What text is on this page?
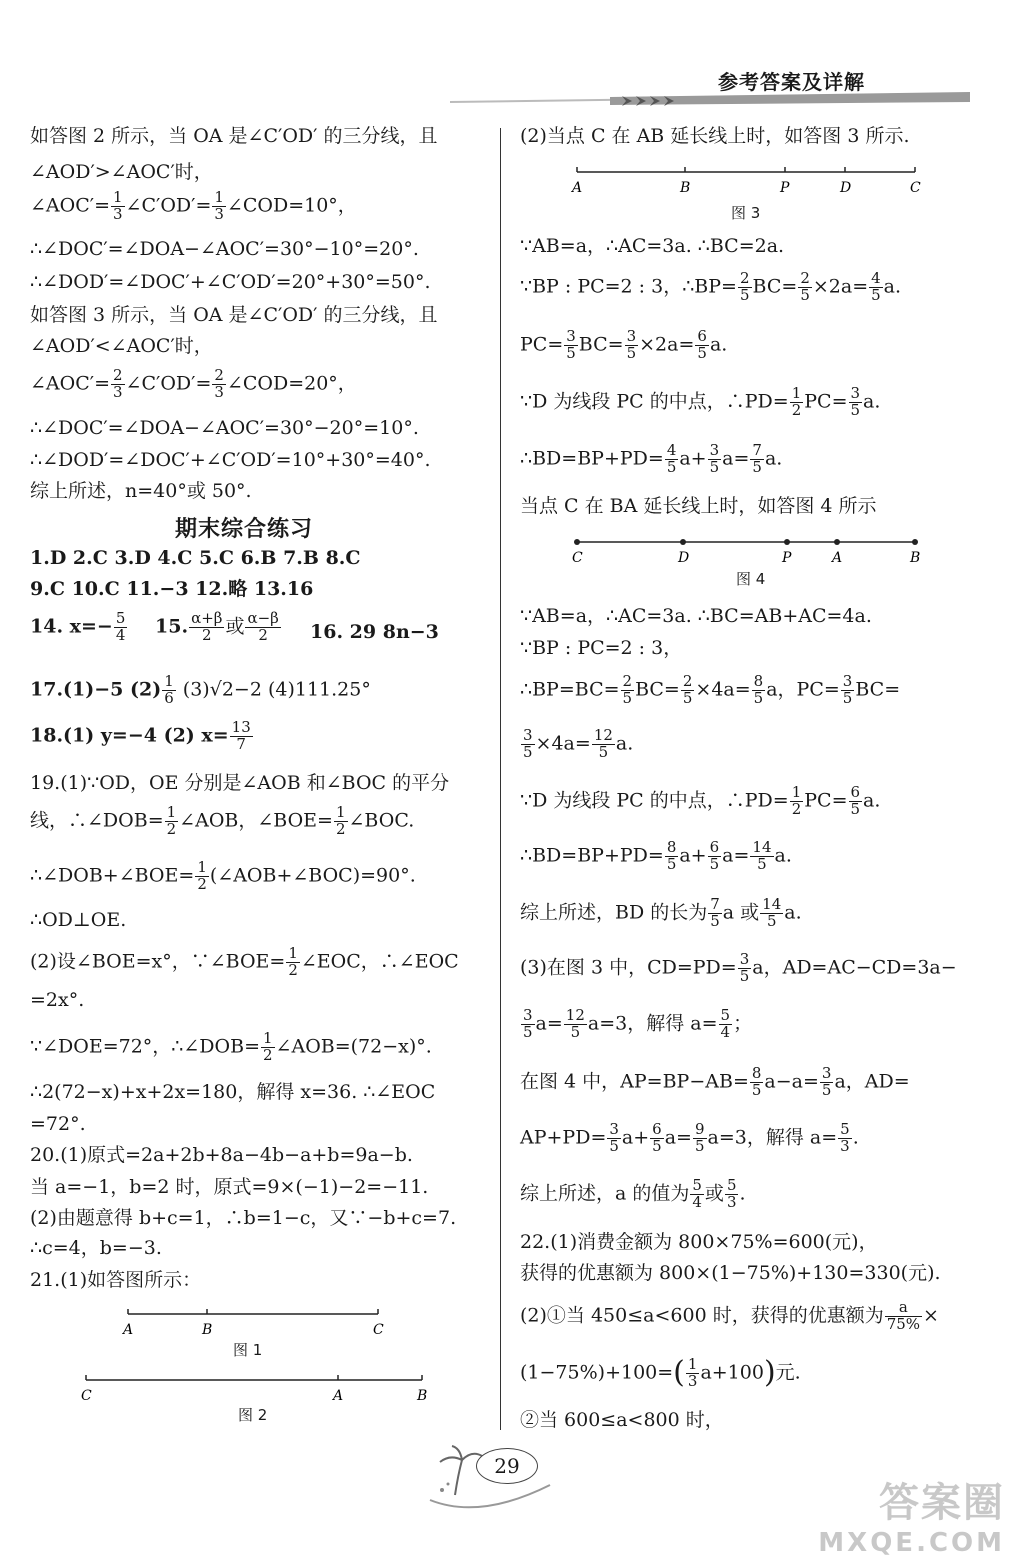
参考答案及详解
如答图 2 所示，当 OA 是∠C′OD′ 的三分线，且
∠AOD′>∠AOC′时，
∠AOC′= $\frac{1}{3}$ ∠C′OD′= $\frac{1}{3}$ ∠COD=10°，
∴∠DOC′=∠DOA−∠AOC′=30°−10°=20°.
∴∠DOD′=∠DOC′+∠C′OD′=20°+30°=50°.
如答图 3 所示，当 OA 是∠C′OD′ 的三分线，且
∠AOD′<∠AOC′时，
∠AOC′= $\frac{2}{3}$ ∠C′OD′= $\frac{2}{3}$ ∠COD=20°，
∴∠DOC′=∠DOA−∠AOC′=30°−20°=10°.
∴∠DOD′=∠DOC′+∠C′OD′=10°+30°=40°.
综上所述，n=40°或 50°.
期末综合练习
1.D 2.C 3.D 4.C 5.C 6.B 7.B 8.C
9.C 10.C 11.−3 12.略 13.16
14. $x=- \frac{5}{4} 15$. $\frac{\alpha+\beta}{2}$ 或 $\frac{\alpha-\beta}{2} 16$. 29 8n−3
17.(1)−5 $(2) \frac{1}{6} (3)√2-2$ (4)111.25°
18.(1) y=−4 (2) $x= \frac{13}{7}$
19.(1)∵OD，OE 分别是∠AOB 和∠BOC 的平分
线，∴∠DOB= $\frac{1}{2}$ ∠AOB，∠BOE= $\frac{1}{2}$ ∠BOC.
∴∠DOB+∠BOE= $\frac{1}{2}$ (∠AOB+∠BOC)=90°.
∴OD⊥OE.
(2)设∠BOE=x°，∵∠BOE= $\frac{1}{2}$ ∠EOC，∴∠EOC
=2x°.
∵∠DOE=72°，∴∠DOB= $\frac{1}{2}$ ∠AOB=(72−x)°.
∴2(72−x)+x+2x=180，解得 x=36. ∴∠EOC
=72°.
20.(1)原式=2a+2b+8a−4b−a+b=9a−b.
当 a=−1，b=2 时，原式=9×(−1)−2=−11.
(2)由题意得 b+c=1，∴b=1−c，又∵−b+c=7.
∴c=4，b=−3.
21.(1)如答图所示：
A	B	C
图 1
C	A	B
图 2
(2)当点 C 在 AB 延长线上时，如答图 3 所示.
A	B	P	D	C
图 3
∵AB=a，∴AC=3a. ∴BC=2a.
∵BP : PC=2 : 3，∴BP= $\frac{2}{5} BC= \frac{2}{5} \times 2a= \frac{4}{5} a$.
$PC= \frac{3}{5} BC= \frac{3}{5} \times 2a= \frac{6}{5} a$.
∵D 为线段 PC 的中点，∴PD= $\frac{1}{2} PC= \frac{3}{5} a$.
∴BD=BP+PD= $\frac{4}{5} a+ \frac{3}{5} a= \frac{7}{5} a$.
当点 C 在 BA 延长线上时，如答图 4 所示
C	D	P	A	B
图 4
∵AB=a，∴AC=3a. ∴BC=AB+AC=4a.
∵BP : PC=2 : 3，
∴BP=BC= $\frac{2}{5} BC= \frac{2}{5} \times 4a= \frac{8}{5}$ a，$PC= \frac{3}{5} BC=$
$\frac{3}{5} \times 4a= \frac{12}{5} a$.
∵D 为线段 PC 的中点，∴PD= $\frac{1}{2} PC= \frac{6}{5} a$.
∴BD=BP+PD= $\frac{8}{5} a+ \frac{6}{5} a= \frac{14}{5} a$.
综上所述，BD 的长为 $\frac{7}{5}$ a 或 $\frac{14}{5} a$.
(3)在图 3 中，$CD=PD= \frac{3}{5}$ a，AD=AC−CD=3a−
$\frac{3}{5} a= \frac{12}{5} a=3$，解得 $a= \frac{5}{4}$ ；
在图 4 中，$AP=BP-AB= \frac{8}{5} a-a= \frac{3}{5}$ a，AD=
$AP+PD= \frac{3}{5} a+ \frac{6}{5} a= \frac{9}{5} a=3$，解得 $a= \frac{5}{3}$ .
综上所述，a 的值为 $\frac{5}{4}$ 或 $\frac{5}{3}$ .
22.(1)消费金额为 800×75%=600(元)，
获得的优惠额为 800×(1−75%)+130=330(元).
(2)①当 450≤a<600 时，获得的优惠额为 $\frac{a}{75\%}$ ×
$(1-75\%)+100=( \frac{1}{3} a+100)$元.
②当 600≤a<800 时，
29
答案圈
MXQE.COM
